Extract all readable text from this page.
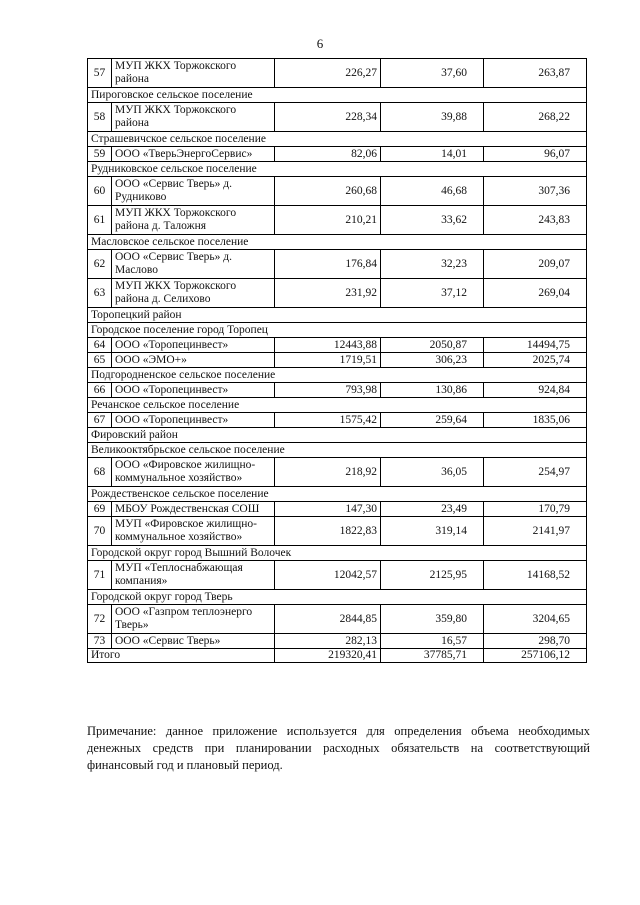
6
57	МУП ЖКХ Торжокского района	226,27	37,60	263,87
Пироговское сельское поселение				
58	МУП ЖКХ Торжокского района	228,34	39,88	268,22
Страшевичское сельское поселение				
59	ООО «ТверьЭнергоСервис»	82,06	14,01	96,07
Рудниковское сельское поселение				
60	ООО «Сервис Тверь» д. Рудниково	260,68	46,68	307,36
61	МУП ЖКХ Торжокского района д. Таложня	210,21	33,62	243,83
Масловское сельское поселение				
62	ООО «Сервис Тверь» д. Маслово	176,84	32,23	209,07
63	МУП ЖКХ Торжокского района д. Селихово	231,92	37,12	269,04
Торопецкий район				
Городское поселение город Торопец				
64	ООО «Торопецинвест»	12443,88	2050,87	14494,75
65	ООО «ЭМО+»	1719,51	306,23	2025,74
Подгородненское сельское поселение				
66	ООО «Торопецинвест»	793,98	130,86	924,84
Речанское сельское поселение				
67	ООО «Торопецинвест»	1575,42	259,64	1835,06
Фировский район				
Великооктябрьское сельское поселение				
68	ООО «Фировское жилищно-коммунальное хозяйство»	218,92	36,05	254,97
Рождественское сельское поселение				
69	МБОУ Рождественская СОШ	147,30	23,49	170,79
70	МУП «Фировское жилищно-коммунальное хозяйство»	1822,83	319,14	2141,97
Городской округ город Вышний Волочек				
71	МУП «Теплоснабжающая компания»	12042,57	2125,95	14168,52
Городской округ город Тверь				
72	ООО «Газпром теплоэнерго Тверь»	2844,85	359,80	3204,65
73	ООО «Сервис Тверь»	282,13	16,57	298,70
Итого		219320,41	37785,71	257106,12
Примечание: данное приложение используется для определения объема необходимых денежных средств при планировании расходных обязательств на соответствующий финансовый год и плановый период.
